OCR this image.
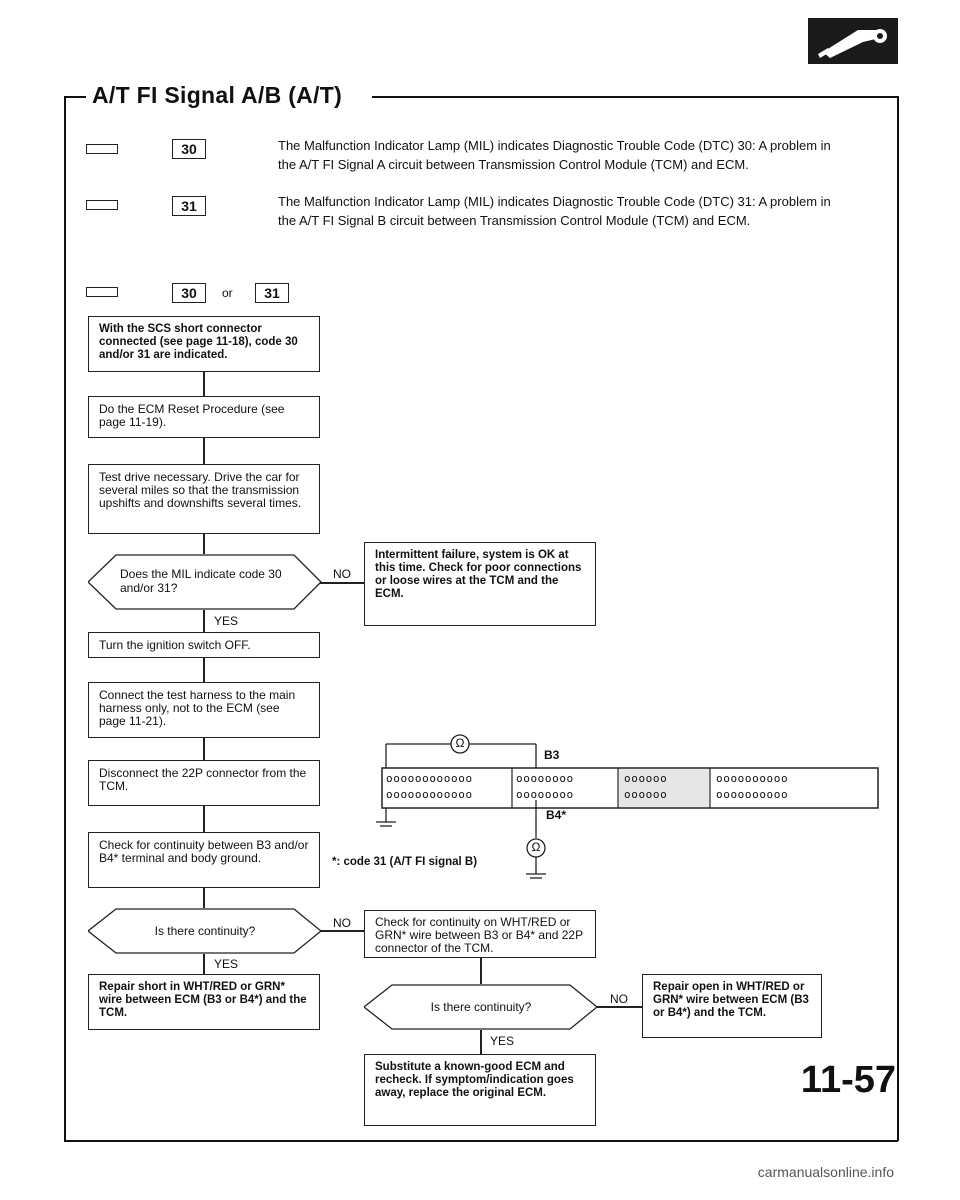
A/T FI Signal A/B (A/T)
30	The Malfunction Indicator Lamp (MIL) indicates Diagnostic Trouble Code (DTC) 30: A problem in
the A/T FI Signal A circuit between Transmission Control Module (TCM) and ECM.
31	The Malfunction Indicator Lamp (MIL) indicates Diagnostic Trouble Code (DTC) 31: A problem in
the A/T FI Signal B circuit between Transmission Control Module (TCM) and ECM.
30	or	31
With the SCS short connector connected (see page 11-18), code 30 and/or 31 are indicated.
Do the ECM Reset Procedure (see page 11-19).
Test drive necessary. Drive the car for several miles so that the transmission upshifts and downshifts several times.
Does the MIL indicate code 30 and/or 31?
NO
Intermittent failure, system is OK at this time. Check for poor connections or loose wires at the TCM and the ECM.
YES
Turn the ignition switch OFF.
Connect the test harness to the main harness only, not to the ECM (see page 11-21).
Disconnect the 22P connector from the TCM.
Check for continuity between B3 and/or B4* terminal and body ground.
Is there continuity?
NO	Check for continuity on WHT/RED or GRN* wire between B3 or B4* and 22P connector of the TCM.
YES
Repair short in WHT/RED or GRN* wire between ECM (B3 or B4*) and the TCM.	Is there continuity?
NO
Repair open in WHT/RED or GRN* wire between ECM (B3 or B4*) and the TCM.
YES
Substitute a known-good ECM and recheck. If symptom/indication goes away, replace the original ECM.
Ω
Ω
B3
B4*
oooooooooooo
oooooooooooo
oooooooo
oooooooo
oooooo
oooooo
oooooooooo
oooooooooo
*: code 31 (A/T FI signal B)
11-57
carmanualsonline.info
